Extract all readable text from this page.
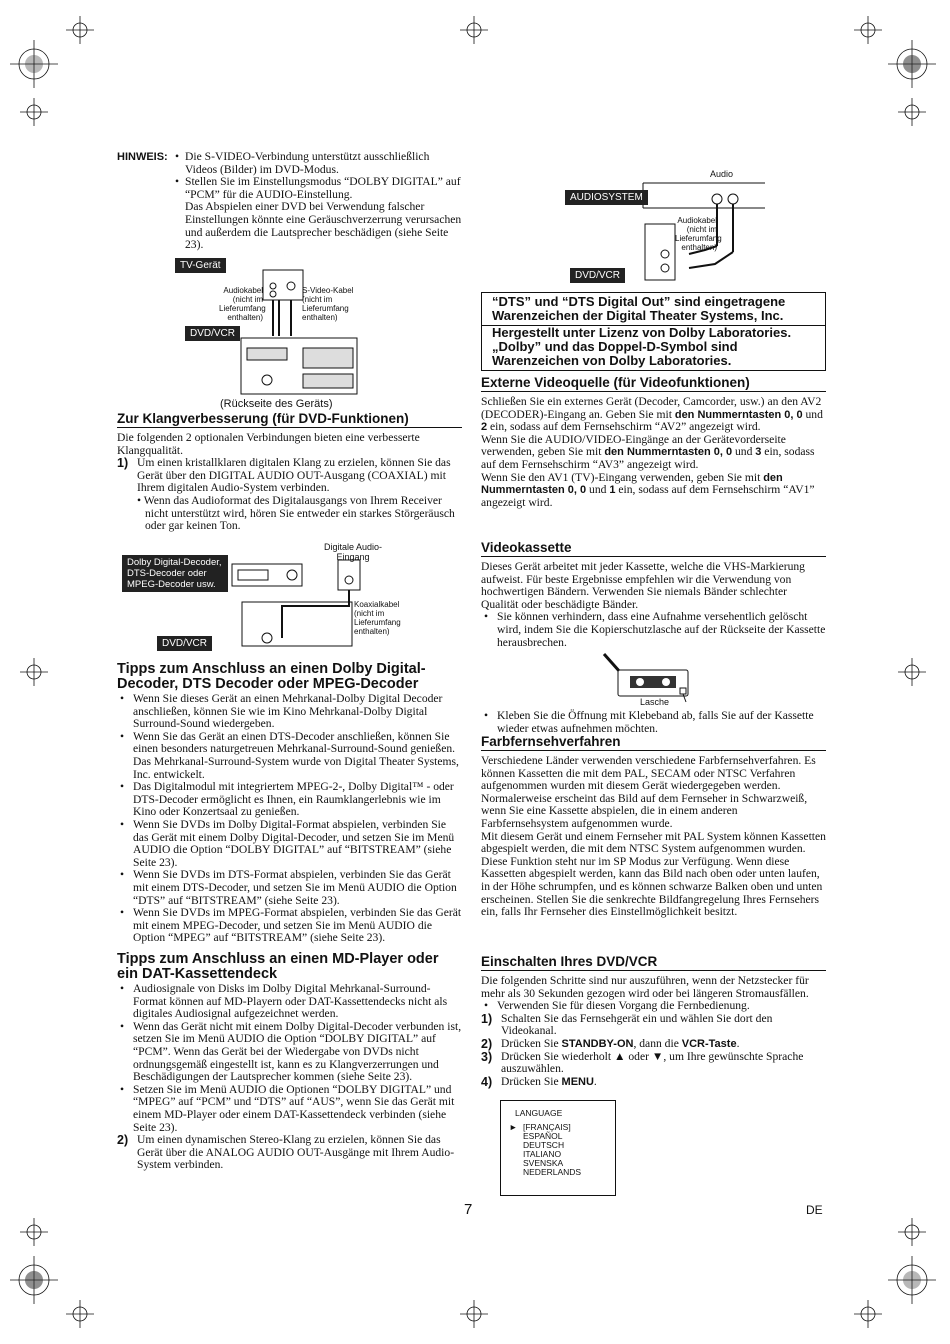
HINWEIS: • Die S-VIDEO-Verbindung unterstützt ausschließlich Videos (Bilder) im DVD-Modus.
• Stellen Sie im Einstellungsmodus “DOLBY DIGITAL” auf “PCM” für die AUDIO-Einstellung.
Das Abspielen einer DVD bei Verwendung falscher Einstellungen könnte eine Geräuschverzerrung verursachen und außerdem die Lautsprecher beschädigen (siehe Seite 23).
TV-Gerät
Audiokabel (nicht im Lieferumfang enthalten)
S-Video-Kabel (nicht im Lieferumfang enthalten)
DVD/VCR
(Rückseite des Geräts)
Zur Klangverbesserung (für DVD-Funktionen)
Die folgenden 2 optionalen Verbindungen bieten eine verbesserte Klangqualität.
1) Um einen kristallklaren digitalen Klang zu erzielen, können Sie das Gerät über den DIGITAL AUDIO OUT-Ausgang (COAXIAL) mit Ihrem digitalen Audio-System verbinden.
• Wenn das Audioformat des Digitalausgangs von Ihrem Receiver nicht unterstützt wird, hören Sie entweder ein starkes Störgeräusch oder gar keinen Ton.
Dolby Digital-Decoder, DTS-Decoder oder MPEG-Decoder usw.
Digitale Audio-Eingang
Koaxialkabel (nicht im Lieferumfang enthalten)
DVD/VCR
Tipps zum Anschluss an einen Dolby Digital-Decoder, DTS Decoder oder MPEG-Decoder
• Wenn Sie dieses Gerät an einen Mehrkanal-Dolby Digital Decoder anschließen, können Sie wie im Kino Mehrkanal-Dolby Digital Surround-Sound wiedergeben.
• Wenn Sie das Gerät an einen DTS-Decoder anschließen, können Sie einen besonders naturgetreuen Mehrkanal-Surround-Sound genießen. Das Mehrkanal-Surround-System wurde von Digital Theater Systems, Inc. entwickelt.
• Das Digitalmodul mit integriertem MPEG-2-, Dolby Digital™ - oder DTS-Decoder ermöglicht es Ihnen, ein Raumklangerlebnis wie im Kino oder Konzertsaal zu genießen.
• Wenn Sie DVDs im Dolby Digital-Format abspielen, verbinden Sie das Gerät mit einem Dolby Digital-Decoder, und setzen Sie im Menü AUDIO die Option “DOLBY DIGITAL” auf “BITSTREAM” (siehe Seite 23).
• Wenn Sie DVDs im DTS-Format abspielen, verbinden Sie das Gerät mit einem DTS-Decoder, und setzen Sie im Menü AUDIO die Option “DTS” auf “BITSTREAM” (siehe Seite 23).
• Wenn Sie DVDs im MPEG-Format abspielen, verbinden Sie das Gerät mit einem MPEG-Decoder, und setzen Sie im Menü AUDIO die Option “MPEG” auf “BITSTREAM” (siehe Seite 23).
Tipps zum Anschluss an einen MD-Player oder ein DAT-Kassettendeck
• Audiosignale von Disks im Dolby Digital Mehrkanal-Surround-Format können auf MD-Playern oder DAT-Kassettendecks nicht als digitales Audiosignal aufgezeichnet werden.
• Wenn das Gerät nicht mit einem Dolby Digital-Decoder verbunden ist, setzen Sie im Menü AUDIO die Option “DOLBY DIGITAL” auf “PCM”. Wenn das Gerät bei der Wiedergabe von DVDs nicht ordnungsgemäß eingestellt ist, kann es zu Klangverzerrungen und Beschädigungen der Lautsprecher kommen (siehe Seite 23).
• Setzen Sie im Menü AUDIO die Optionen “DOLBY DIGITAL” und “MPEG” auf “PCM” und “DTS” auf “AUS”, wenn Sie das Gerät mit einem MD-Player oder einem DAT-Kassettendeck verbinden (siehe Seite 23).
2) Um einen dynamischen Stereo-Klang zu erzielen, können Sie das Gerät über die ANALOG AUDIO OUT-Ausgänge mit Ihrem Audio-System verbinden.
Audio
AUDIOSYSTEM
Audiokabel (nicht im Lieferumfang enthalten)
DVD/VCR
“DTS” und “DTS Digital Out” sind eingetragene Warenzeichen der Digital Theater Systems, Inc.
Hergestellt unter Lizenz von Dolby Laboratories. „Dolby” und das Doppel-D-Symbol sind Warenzeichen von Dolby Laboratories.
Externe Videoquelle (für Videofunktionen)
Schließen Sie ein externes Gerät (Decoder, Camcorder, usw.) an den AV2 (DECODER)-Eingang an. Geben Sie mit den Nummerntasten 0, 0 und 2 ein, sodass auf dem Fernsehschirm “AV2” angezeigt wird.
Wenn Sie die AUDIO/VIDEO-Eingänge an der Gerätevorderseite verwenden, geben Sie mit den Nummerntasten 0, 0 und 3 ein, sodass auf dem Fernsehschirm “AV3” angezeigt wird.
Wenn Sie den AV1 (TV)-Eingang verwenden, geben Sie mit den Nummerntasten 0, 0 und 1 ein, sodass auf dem Fernsehschirm “AV1” angezeigt wird.
Videokassette
Dieses Gerät arbeitet mit jeder Kassette, welche die VHS-Markierung aufweist. Für beste Ergebnisse empfehlen wir die Verwendung von hochwertigen Bändern. Verwenden Sie niemals Bänder schlechter Qualität oder beschädigte Bänder.
• Sie können verhindern, dass eine Aufnahme versehentlich gelöscht wird, indem Sie die Kopierschutzlasche auf der Rückseite der Kassette herausbrechen.
Lasche
• Kleben Sie die Öffnung mit Klebeband ab, falls Sie auf der Kassette wieder etwas aufnehmen möchten.
Farbfernsehverfahren
Verschiedene Länder verwenden verschiedene Farbfernsehverfahren. Es können Kassetten die mit dem PAL, SECAM oder NTSC Verfahren aufgenommen wurden mit diesem Gerät wiedergegeben werden. Normalerweise erscheint das Bild auf dem Fernseher in Schwarzweiß, wenn Sie eine Kassette abspielen, die in einem anderen Farbfernsehsystem aufgenommen wurde.
Mit diesem Gerät und einem Fernseher mit PAL System können Kassetten abgespielt werden, die mit dem NTSC System aufgenommen wurden. Diese Funktion steht nur im SP Modus zur Verfügung. Wenn diese Kassetten abgespielt werden, kann das Bild nach oben oder unten laufen, in der Höhe schrumpfen, und es können schwarze Balken oben und unten erscheinen. Stellen Sie die senkrechte Bildfangregelung Ihres Fernsehers ein, falls Ihr Fernseher dies Einstellmöglichkeit besitzt.
Einschalten Ihres DVD/VCR
Die folgenden Schritte sind nur auszuführen, wenn der Netzstecker für mehr als 30 Sekunden gezogen wird oder bei längeren Stromausfällen.
• Verwenden Sie für diesen Vorgang die Fernbedienung.
1) Schalten Sie das Fernsehgerät ein und wählen Sie dort den Videokanal.
2) Drücken Sie STANDBY-ON, dann die VCR-Taste.
3) Drücken Sie wiederholt ▲ oder ▼, um Ihre gewünschte Sprache auszuwählen.
4) Drücken Sie MENU.
LANGUAGE
► [FRANÇAIS]
ESPAÑOL
DEUTSCH
ITALIANO
SVENSKA
NEDERLANDS
7	DE
